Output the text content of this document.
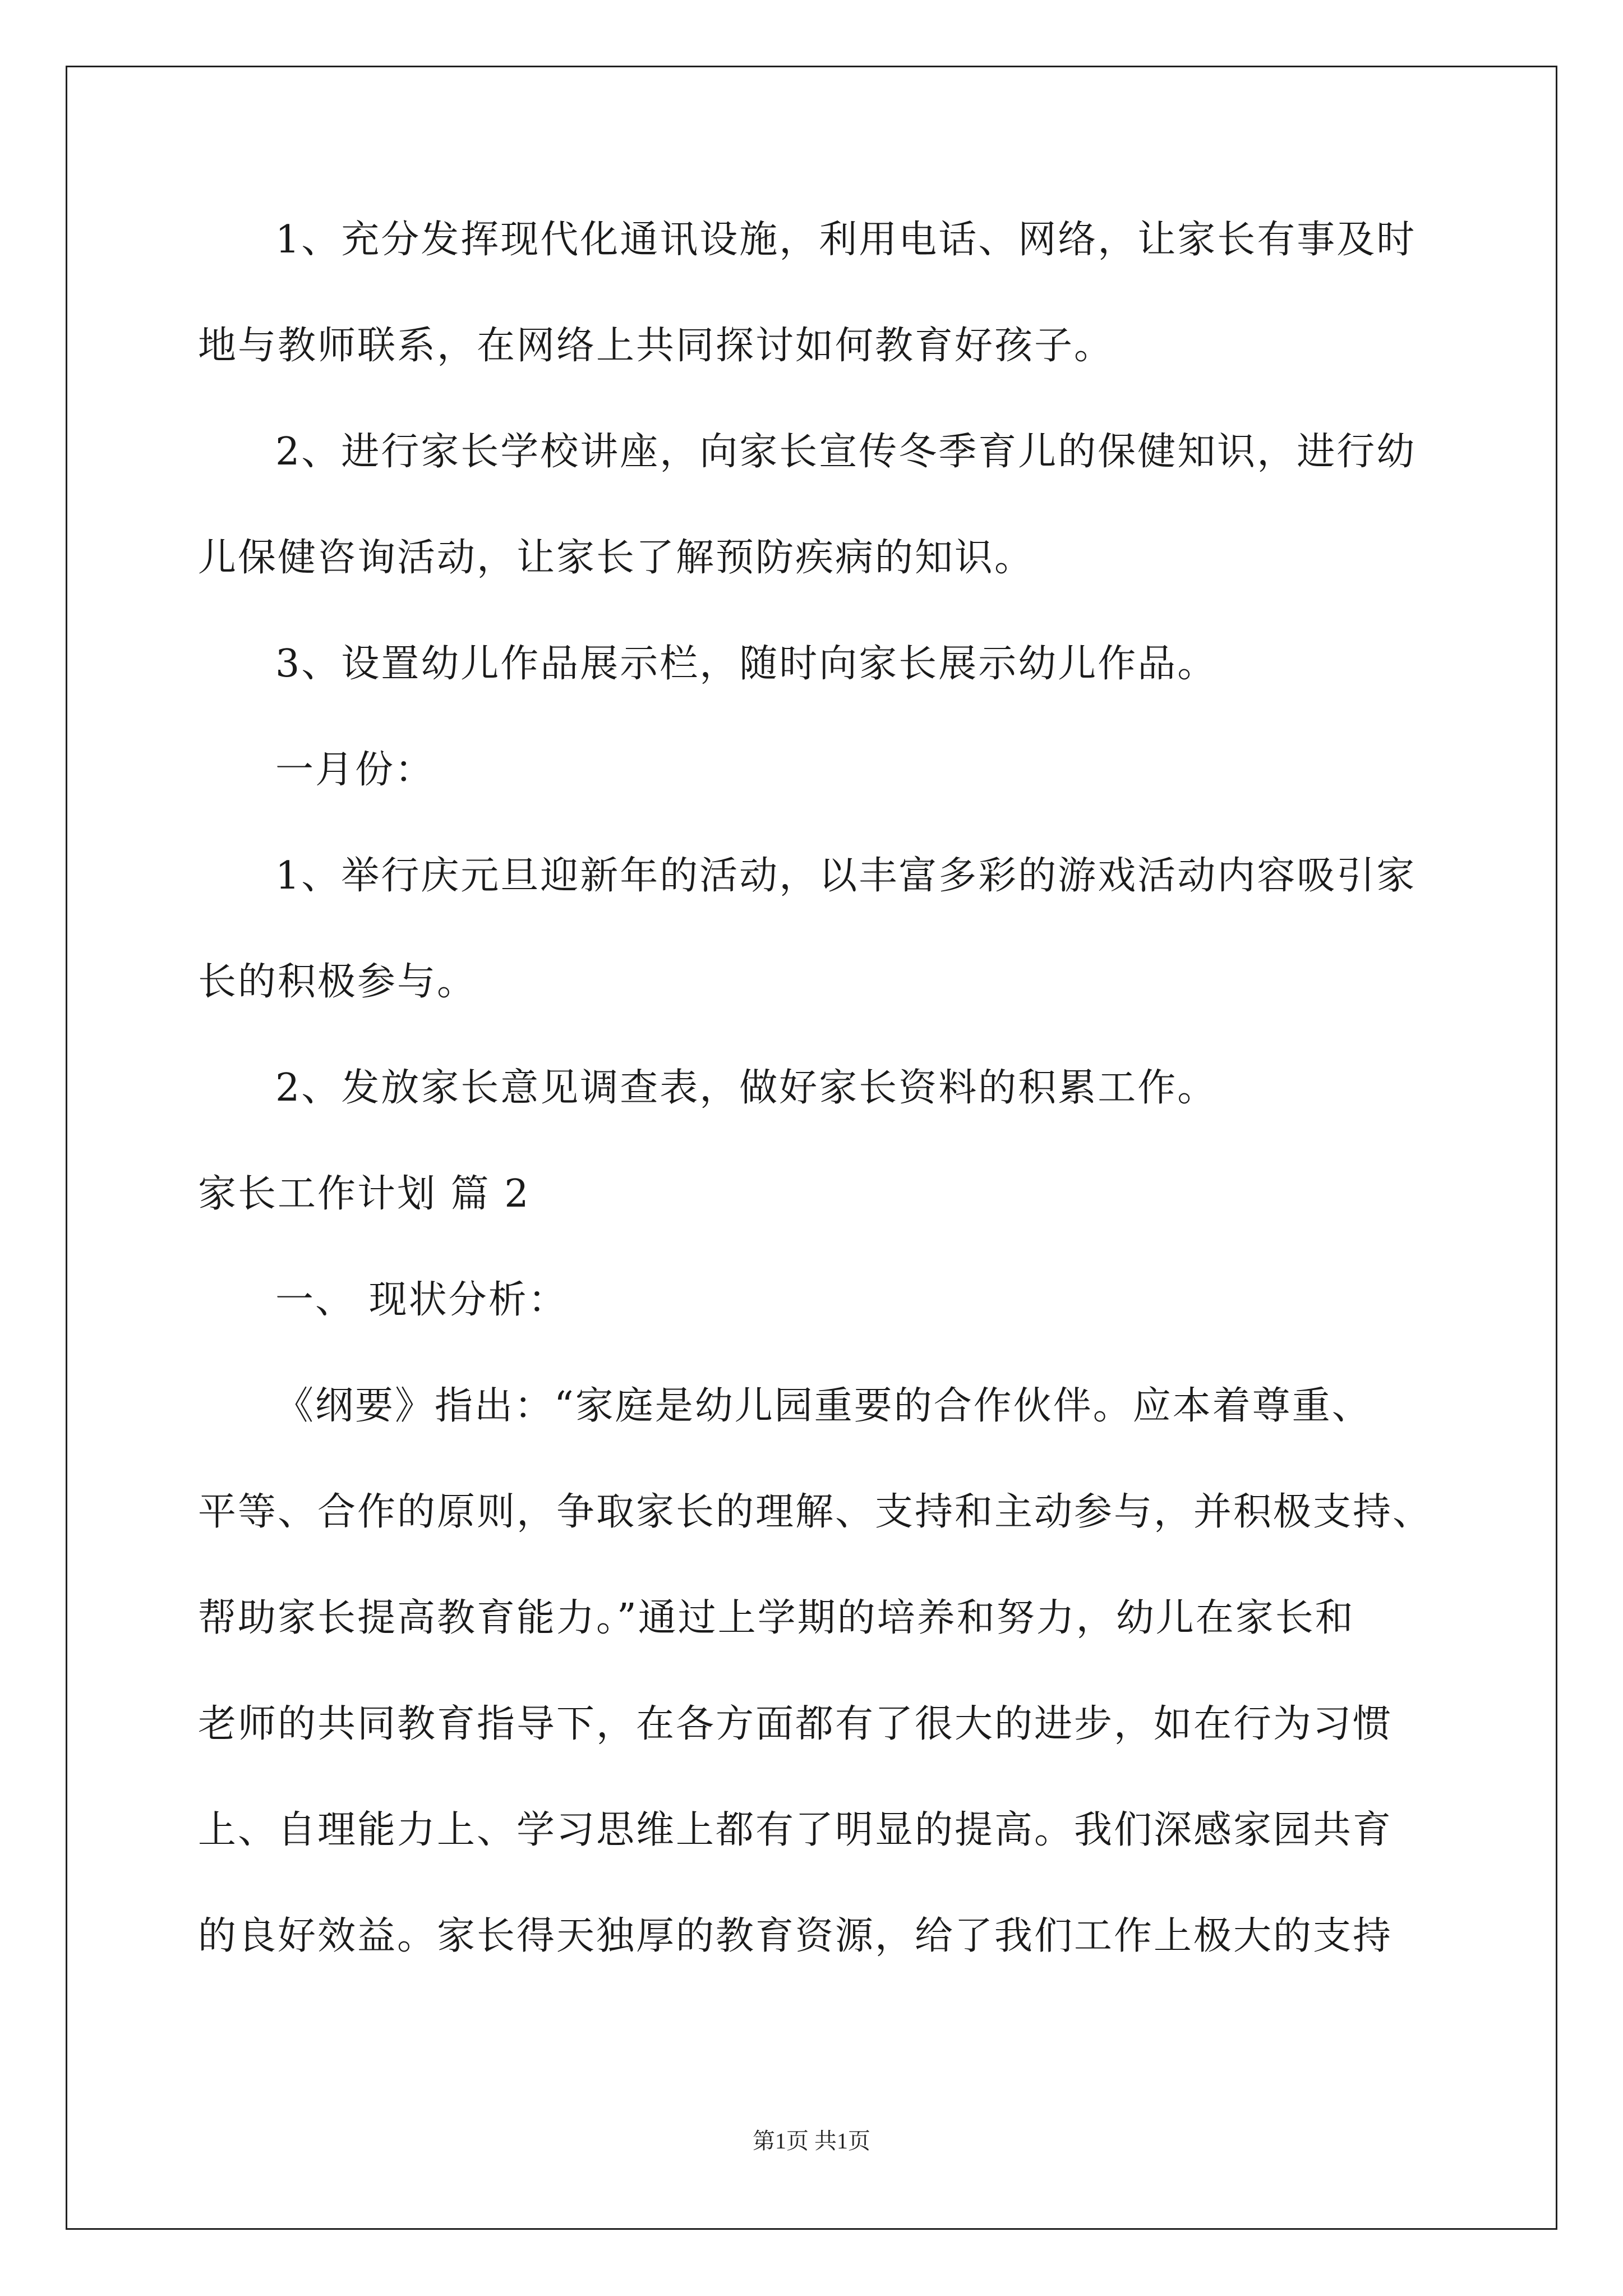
1、充分发挥现代化通讯设施，利用电话、网络，让家长有事及时
地与教师联系，在网络上共同探讨如何教育好孩子。
2、进行家长学校讲座，向家长宣传冬季育儿的保健知识，进行幼
儿保健咨询活动，让家长了解预防疾病的知识。
3、设置幼儿作品展示栏，随时向家长展示幼儿作品。
一月份：
1、举行庆元旦迎新年的活动，以丰富多彩的游戏活动内容吸引家
长的积极参与。
2、发放家长意见调查表，做好家长资料的积累工作。
家长工作计划 篇 2
一、 现状分析：
《纲要》指出：“家庭是幼儿园重要的合作伙伴。应本着尊重、
平等、合作的原则，争取家长的理解、支持和主动参与，并积极支持、
帮助家长提高教育能力。”通过上学期的培养和努力，幼儿在家长和
老师的共同教育指导下，在各方面都有了很大的进步，如在行为习惯
上、自理能力上、学习思维上都有了明显的提高。我们深感家园共育
的良好效益。家长得天独厚的教育资源，给了我们工作上极大的支持
第1页 共1页
